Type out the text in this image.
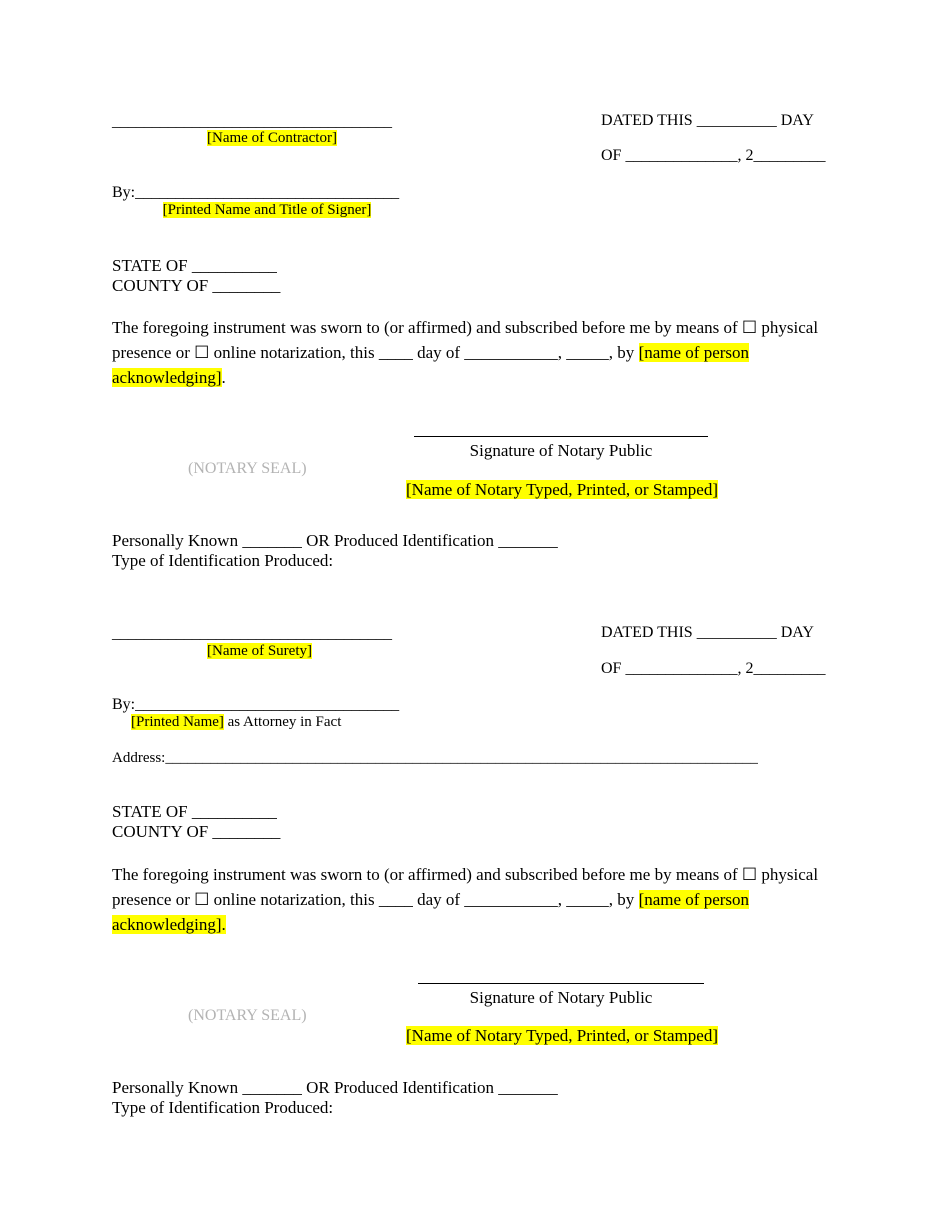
___________________________________
[Name of Contractor]
DATED THIS __________ DAY
OF ______________, 2_________
By:_________________________________
[Printed Name and Title of Signer]
STATE OF __________
COUNTY OF ________
The foregoing instrument was sworn to (or affirmed) and subscribed before me by means of ☐ physical presence or ☐ online notarization, this ____ day of ___________, _____, by [name of person acknowledging].
Signature of Notary Public
(NOTARY SEAL)
[Name of Notary Typed, Printed, or Stamped]
Personally Known _______ OR Produced Identification _______
Type of Identification Produced:
___________________________________
[Name of Surety]
DATED THIS __________ DAY
OF ______________, 2_________
By:_________________________________
[Printed Name] as Attorney in Fact
Address:_______________________________________________________________________________
STATE OF __________
COUNTY OF ________
The foregoing instrument was sworn to (or affirmed) and subscribed before me by means of ☐ physical presence or ☐ online notarization, this ____ day of ___________, _____, by [name of person acknowledging].
Signature of Notary Public
(NOTARY SEAL)
[Name of Notary Typed, Printed, or Stamped]
Personally Known _______ OR Produced Identification _______
Type of Identification Produced:
